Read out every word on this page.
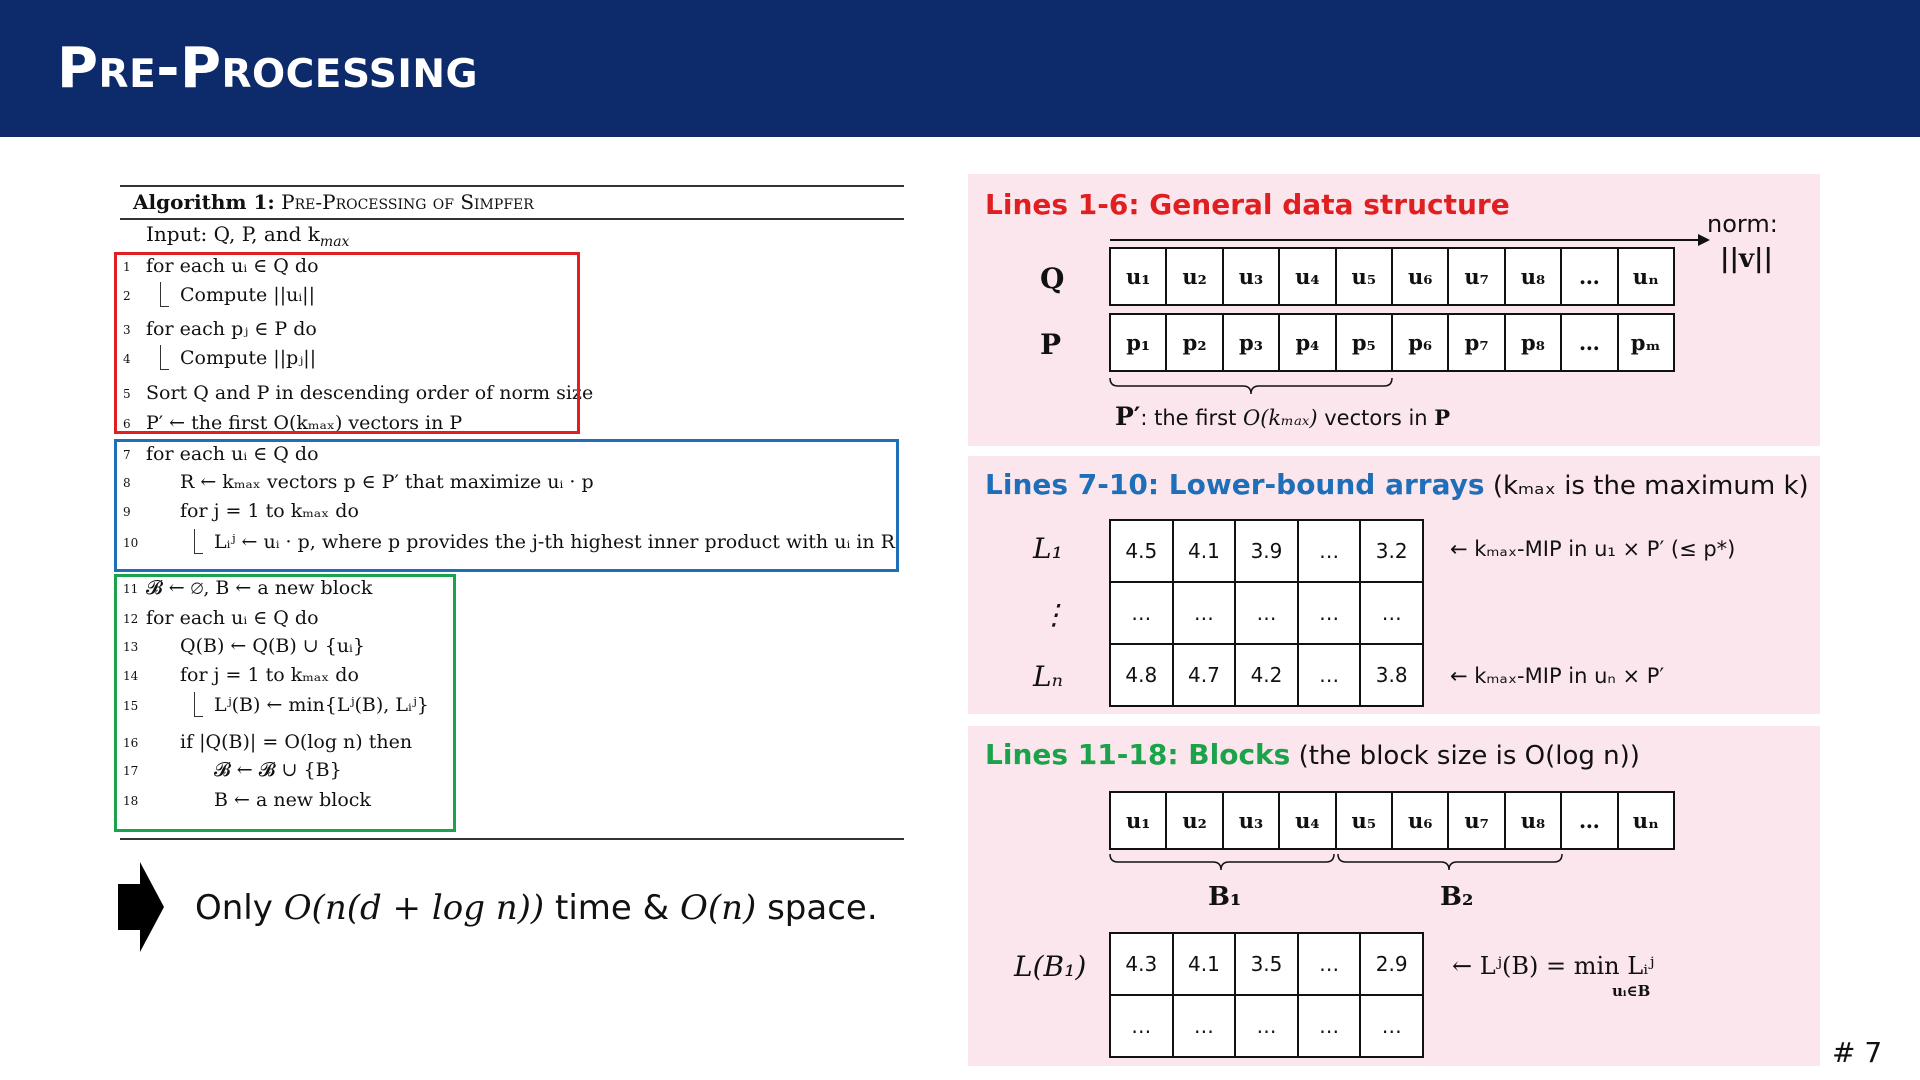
Pre-Processing
Algorithm 1: Pre-Processing of Simpfer
Input: Q, P, and $k_{max}$
1 for each uᵢ ∈ Q do
2	Compute ||uᵢ||
3 for each pⱼ ∈ P do
4	Compute ||pⱼ||
5 Sort Q and P in descending order of norm size
6 P′ ← the first O(kₘₐₓ) vectors in P
7 for each uᵢ ∈ Q do
8	R ← kₘₐₓ vectors p ∈ P′ that maximize uᵢ · p
9	for j = 1 to kₘₐₓ do
10	Lᵢʲ ← uᵢ · p, where p provides the j-th highest inner product with uᵢ in R
11 𝓑 ← ∅, B ← a new block
12 for each uᵢ ∈ Q do
13 Q(B) ← Q(B) ∪ {uᵢ}
14 for j = 1 to kₘₐₓ do
15	Lʲ(B) ← min{Lʲ(B), Lᵢʲ}
16 if |Q(B)| = O(log n) then
17	𝓑 ← 𝓑 ∪ {B}
18	B ← a new block
Only O(n(d + log n)) time & O(n) space.
Lines 1-6: General data structure
norm:
||v||
Q
P
u₁	u₂	u₃	u₄	u₅	u₆	u₇	u₈	…	uₙ
p₁	p₂	p₃	p₄	p₅	p₆	p₇	p₈	…	pₘ
P′: the first O(kₘₐₓ) vectors in P
Lines 7-10: Lower-bound arrays (kₘₐₓ is the maximum k)
L₁
⋮
Lₙ
4.5	4.1	3.9	…	3.2
…	…	…	…	…
4.8	4.7	4.2	…	3.8
← kₘₐₓ-MIP in u₁ × P′ (≤ p*)
← kₘₐₓ-MIP in uₙ × P′
Lines 11-18: Blocks (the block size is O(log n))
u₁	u₂	u₃	u₄	u₅	u₆	u₇	u₈	…	uₙ
B₁	B₂
L(B₁)	4.3	4.1	3.5	…	2.9
…	…	…	…	…
← Lʲ(B) = min Lᵢʲ
uᵢ∈B
# 7
